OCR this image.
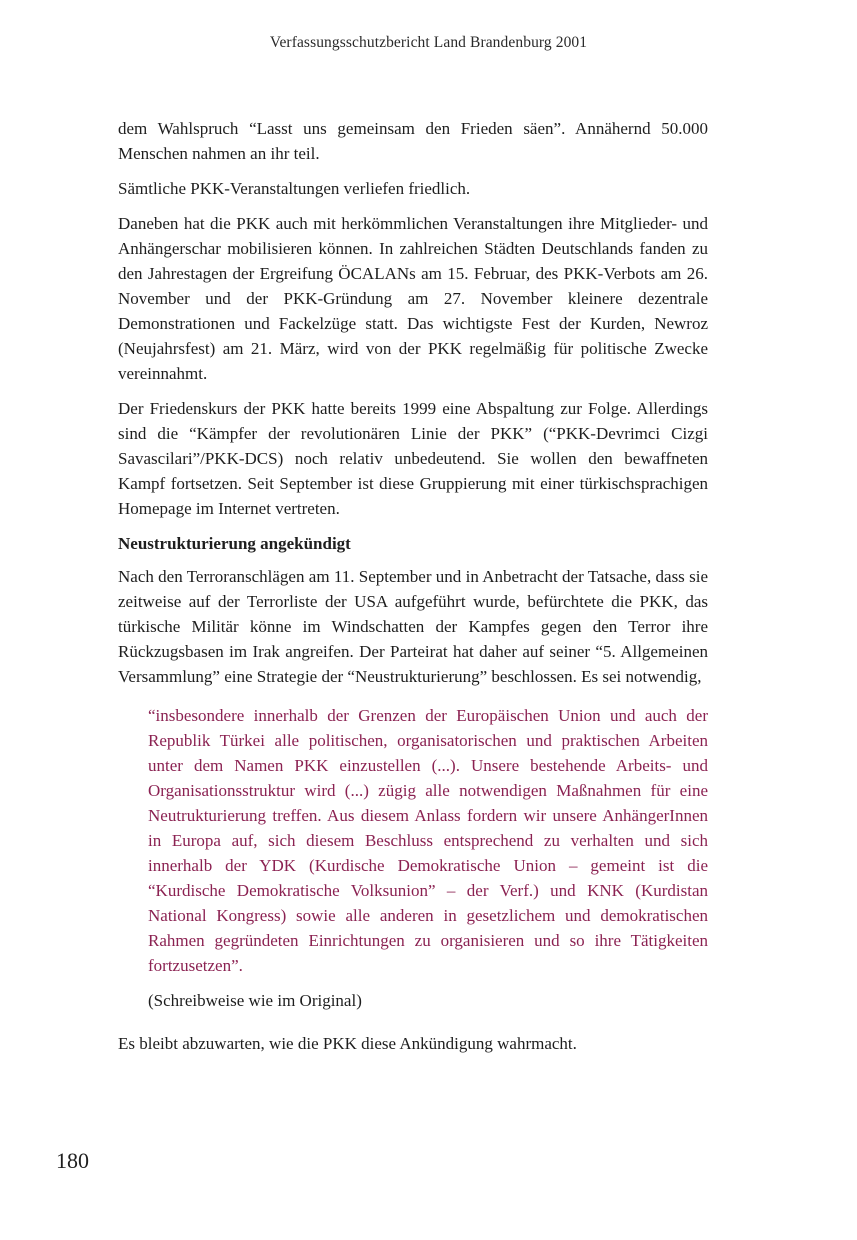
Verfassungsschutzbericht Land Brandenburg 2001

dem Wahlspruch “Lasst uns gemeinsam den Frieden säen”. Annähernd 50.000 Menschen nahmen an ihr teil.

Sämtliche PKK-Veranstaltungen verliefen friedlich.

Daneben hat die PKK auch mit herkömmlichen Veranstaltungen ihre Mitglieder- und Anhängerschar mobilisieren können. In zahlreichen Städten Deutschlands fanden zu den Jahrestagen der Ergreifung ÖCALANs am 15. Februar, des PKK-Verbots am 26. November und der PKK-Gründung am 27. November kleinere dezentrale Demonstrationen und Fackelzüge statt. Das wichtigste Fest der Kurden, Newroz (Neujahrsfest) am 21. März, wird von der PKK regelmäßig für politische Zwecke vereinnahmt.

Der Friedenskurs der PKK hatte bereits 1999 eine Abspaltung zur Folge. Allerdings sind die “Kämpfer der revolutionären Linie der PKK” (“PKK-Devrimci Cizgi Savascilari”/PKK-DCS) noch relativ unbedeutend. Sie wollen den bewaffneten Kampf fortsetzen. Seit September ist diese Gruppierung mit einer türkischsprachigen Homepage im Internet vertreten.

Neustrukturierung angekündigt

Nach den Terroranschlägen am 11. September und in Anbetracht der Tatsache, dass sie zeitweise auf der Terrorliste der USA aufgeführt wurde, befürchtete die PKK, das türkische Militär könne im Windschatten der Kampfes gegen den Terror ihre Rückzugsbasen im Irak angreifen. Der Parteirat hat daher auf seiner “5. Allgemeinen Versammlung” eine Strategie der “Neustrukturierung” beschlossen. Es sei notwendig,

“insbesondere innerhalb der Grenzen der Europäischen Union und auch der Republik Türkei alle politischen, organisatorischen und praktischen Arbeiten unter dem Namen PKK einzustellen (...). Unsere bestehende Arbeits- und Organisationsstruktur wird (...) zügig alle notwendigen Maßnahmen für eine Neutrukturierung treffen. Aus diesem Anlass fordern wir unsere AnhängerInnen in Europa auf, sich diesem Beschluss entsprechend zu verhalten und sich innerhalb der YDK (Kurdische Demokratische Union – gemeint ist die “Kurdische Demokratische Volksunion” – der Verf.) und KNK (Kurdistan National Kongress) sowie alle anderen in gesetzlichem und demokratischen Rahmen gegründeten Einrichtungen zu organisieren und so ihre Tätigkeiten fortzusetzen”.
(Schreibweise wie im Original)

Es bleibt abzuwarten, wie die PKK diese Ankündigung wahrmacht.

180
